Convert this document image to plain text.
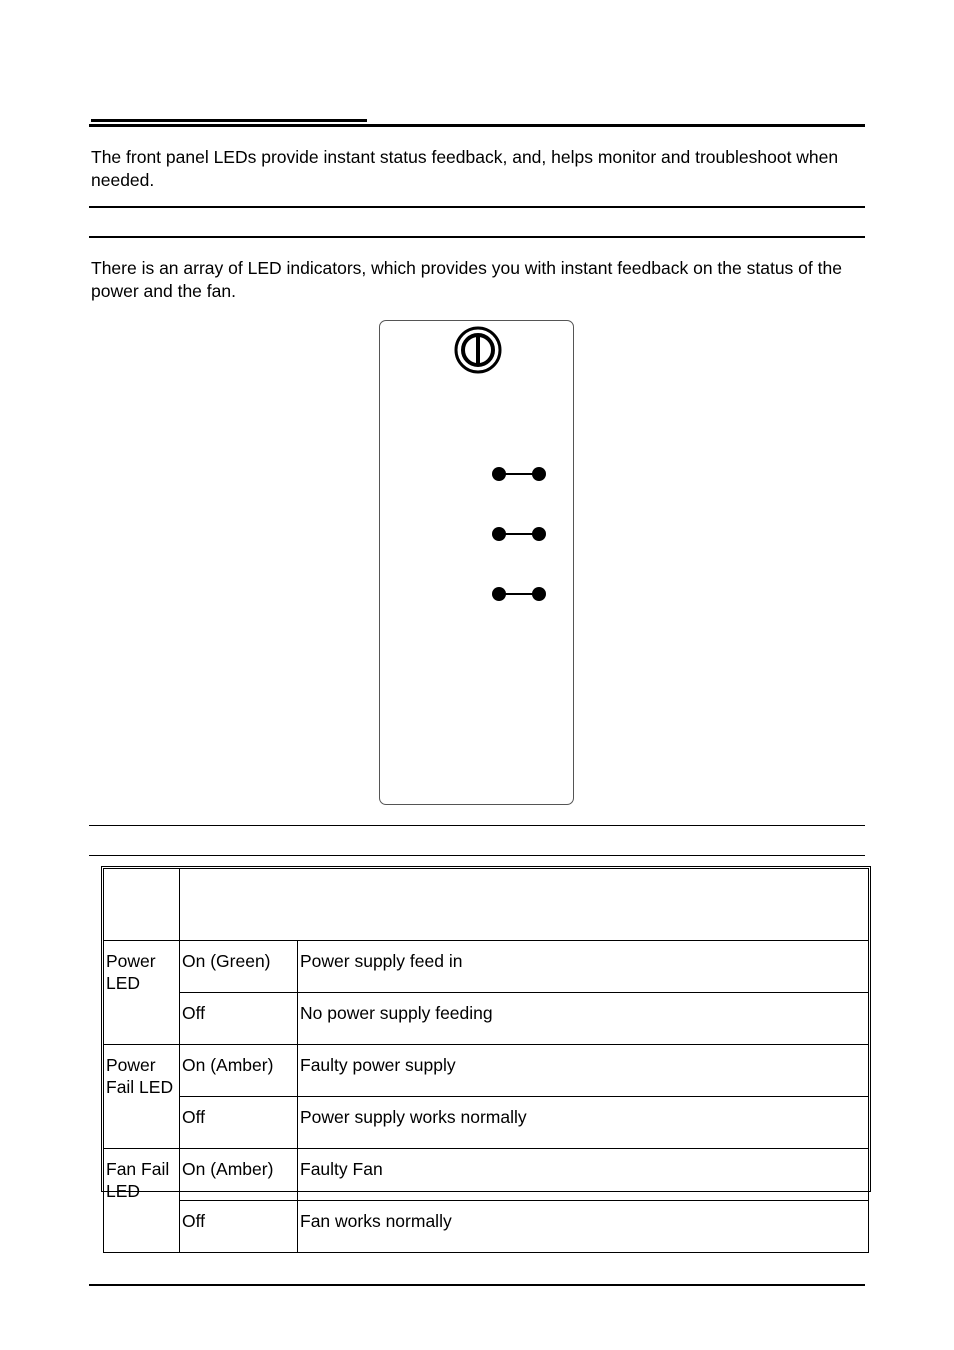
The front panel LEDs provide instant status feedback, and, helps monitor and troubleshoot when needed.

There is an array of LED indicators, which provides you with instant feedback on the status of the power and the fan.

Power LED	On (Green)	Power supply feed in
	Off	No power supply feeding
Power Fail LED	On (Amber)	Faulty power supply
	Off	Power supply works normally
Fan Fail LED	On (Amber)	Faulty Fan
	Off	Fan works normally
